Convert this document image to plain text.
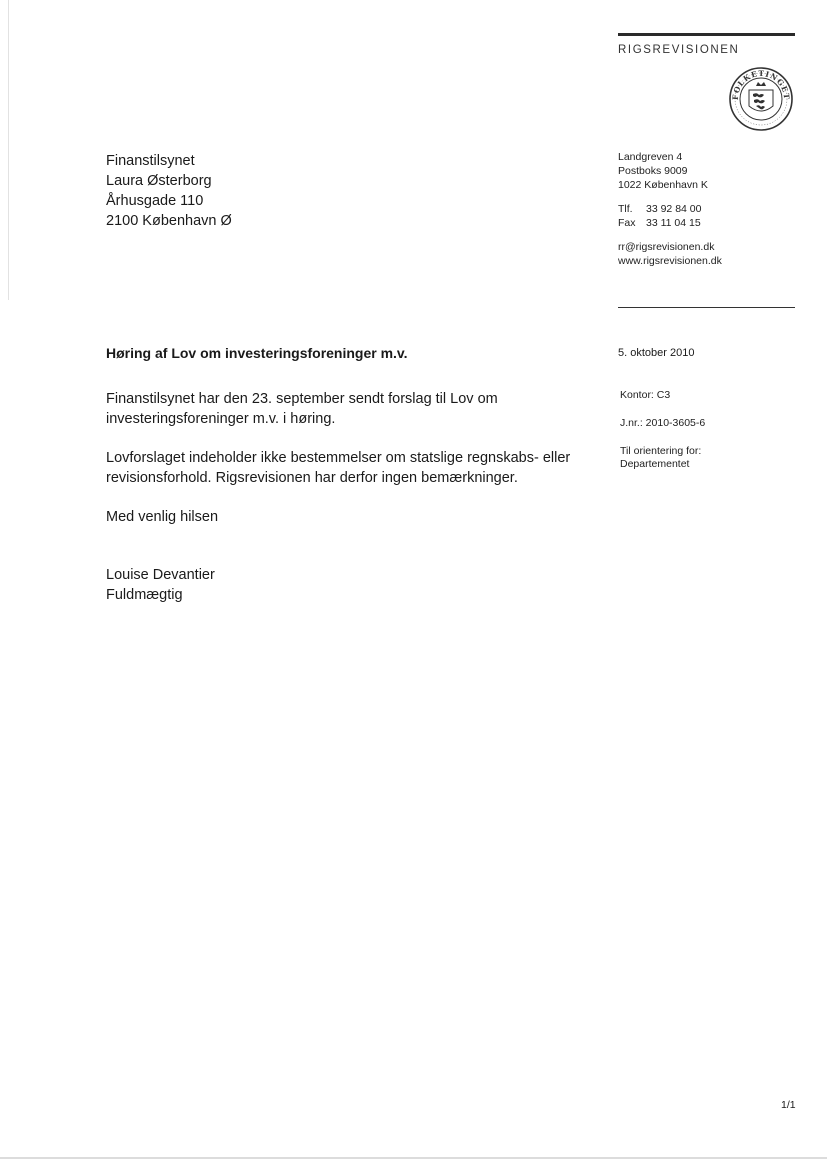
RIGSREVISIONEN
FOLKETINGET
Finanstilsynet
Laura Østerborg
Århusgade 110
2100 København Ø
Landgreven 4
Postboks 9009
1022 København K
Tlf. 33 92 84 00
Fax 33 11 04 15
rr@rigsrevisionen.dk
www.rigsrevisionen.dk
Høring af Lov om investeringsforeninger m.v.	5. oktober 2010

Finanstilsynet har den 23. september sendt forslag til Lov om investeringsforeninger m.v. i høring.

Lovforslaget indeholder ikke bestemmelser om statslige regnskabs- eller revisionsforhold. Rigsrevisionen har derfor ingen bemærkninger.

Med venlig hilsen

Louise Devantier
Fuldmægtig
Kontor: C3
J.nr.: 2010-3605-6
Til orientering for:
Departementet
1/1
